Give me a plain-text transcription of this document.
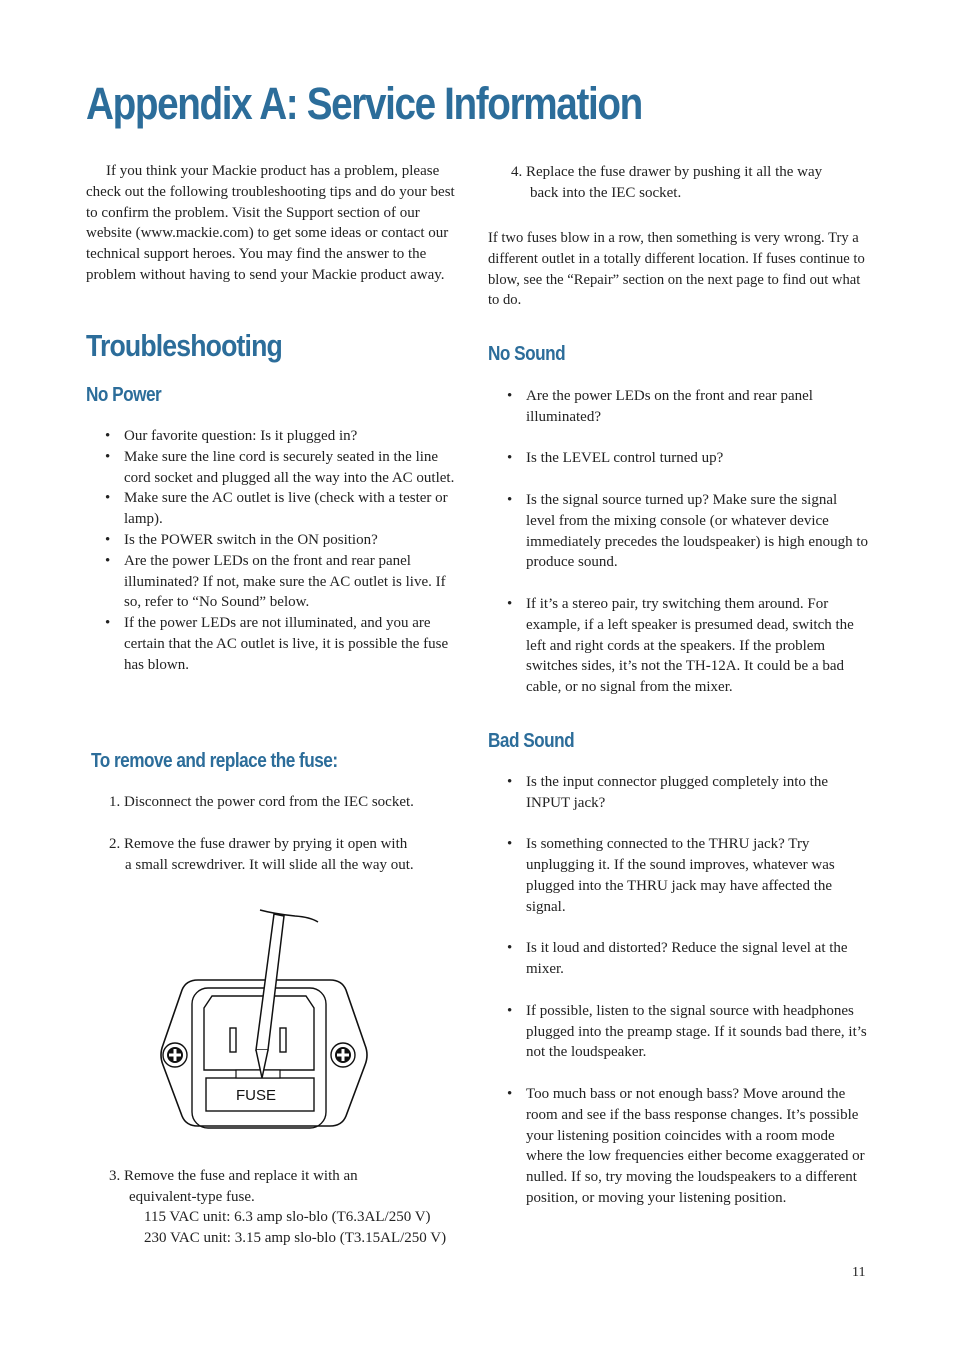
Appendix A: Service Information

If you think your Mackie product has a problem, please check out the following troubleshooting tips and do your best to confirm the problem. Visit the Support section of our website (www.mackie.com) to get some ideas or contact our technical support heroes. You may find the answer to the problem without having to send your Mackie product away.

Troubleshooting
No Power
• Our favorite question: Is it plugged in?
• Make sure the line cord is securely seated in the line cord socket and plugged all the way into the AC outlet.
• Make sure the AC outlet is live (check with a tester or lamp).
• Is the POWER switch in the ON position?
• Are the power LEDs on the front and rear panel illuminated? If not, make sure the AC outlet is live. If so, refer to “No Sound” below.
• If the power LEDs are not illuminated, and you are certain that the AC outlet is live, it is possible the fuse has blown.
To remove and replace the fuse:

1. Disconnect the power cord from the IEC socket.

2. Remove the fuse drawer by prying it open with

a small screwdriver. It will slide all the way out.

FUSE

3. Remove the fuse and replace it with an

equivalent-type fuse.

115 VAC unit: 6.3 amp slo-blo (T6.3AL/250 V)

230 VAC unit: 3.15 amp slo-blo (T3.15AL/250 V)

4. Replace the fuse drawer by pushing it all the way

back into the IEC socket.

If two fuses blow in a row, then something is very wrong. Try a different outlet in a totally different location. If fuses continue to blow, see the “Repair” section on the next page to find out what to do.

No Sound
• Are the power LEDs on the front and rear panel illuminated?
• Is the LEVEL control turned up?
• Is the signal source turned up? Make sure the signal level from the mixing console (or whatever device immediately precedes the loudspeaker) is high enough to produce sound.
• If it’s a stereo pair, try switching them around. For example, if a left speaker is presumed dead, switch the left and right cords at the speakers. If the problem switches sides, it’s not the TH-12A. It could be a bad cable, or no signal from the mixer.
Bad Sound
• Is the input connector plugged completely into the INPUT jack?
• Is something connected to the THRU jack? Try unplugging it. If the sound improves, whatever was plugged into the THRU jack may have affected the signal.
• Is it loud and distorted? Reduce the signal level at the mixer.
• If possible, listen to the signal source with headphones plugged into the preamp stage. If it sounds bad there, it’s not the loudspeaker.
• Too much bass or not enough bass? Move around the room and see if the bass response changes. It’s possible your listening position coincides with a room mode where the low frequencies either become exaggerated or nulled. If so, try moving the loudspeakers to a different position, or moving your listening position.
11
